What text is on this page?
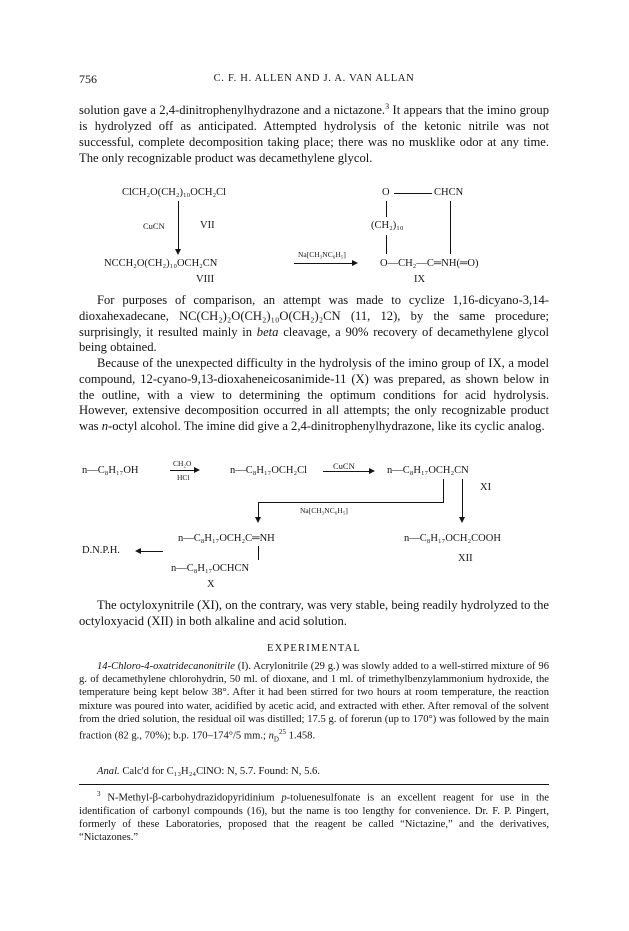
756	C. F. H. ALLEN AND J. A. VAN ALLAN

solution gave a 2,4-dinitrophenylhydrazone and a nictazone.$^3$ It appears that the imino group is hydrolyzed off as anticipated. Attempted hydrolysis of the ketonic nitrile was not successful, complete decomposition taking place; there was no musklike odor at any time. The only recognizable product was decamethylene glycol.

ClCH₂O(CH₂)₁₀OCH₂Cl
CuCN	VII
NCCH₂O(CH₂)₁₀OCH₂CN
VIII
Na[CH₃NC₆H₅]
O	CHCN
(CH₂)₁₀
O—CH₂—C═NH(═O)
IX

For purposes of comparison, an attempt was made to cyclize 1,16-dicyano-3,14-dioxahexadecane, NC(CH₂)₂O(CH₂)₁₀O(CH₂)₂CN (11, 12), by the same procedure; surprisingly, it resulted mainly in beta cleavage, a 90% recovery of decamethylene glycol being obtained.

Because of the unexpected difficulty in the hydrolysis of the imino group of IX, a model compound, 12-cyano-9,13-dioxaheneicosanimide-11 (X) was prepared, as shown below in the outline, with a view to determining the optimum conditions for acid hydrolysis. However, extensive decomposition occurred in all attempts; the only recognizable product was n-octyl alcohol. The imine did give a 2,4-dinitrophenylhydrazone, like its cyclic analog.

n—C₈H₁₇OH
CH₂O
HCl
n—C₈H₁₇OCH₂Cl	CuCN	n—C₈H₁₇OCH₂CN
XI
Na[CH₃NC₆H₅]
n—C₈H₁₇OCH₂C═NH
n—C₈H₁₇OCHCN
X
D.N.P.H.
n—C₈H₁₇OCH₂COOH
XII

The octyloxynitrile (XI), on the contrary, was very stable, being readily hydrolyzed to the octyloxyacid (XII) in both alkaline and acid solution.

EXPERIMENTAL

14-Chloro-4-oxatridecanonitrile (I). Acrylonitrile (29 g.) was slowly added to a well-stirred mixture of 96 g. of decamethylene chlorohydrin, 50 ml. of dioxane, and 1 ml. of trimethylbenzylammonium hydroxide, the temperature being kept below 38°. After it had been stirred for two hours at room temperature, the reaction mixture was poured into water, acidified by acetic acid, and extracted with ether. After removal of the solvent from the dried solution, the residual oil was distilled; 17.5 g. of forerun (up to 170°) was followed by the main fraction (82 g., 70%); b.p. 170–174°/5 mm.; $n_D^{25}$ 1.458.

Anal. Calc'd for C₁₃H₂₄ClNO: N, 5.7. Found: N, 5.6.

$^3$ N-Methyl-β-carbohydrazidopyridinium p-toluenesulfonate is an excellent reagent for use in the identification of carbonyl compounds (16), but the name is too lengthy for convenience. Dr. F. P. Pingert, formerly of these Laboratories, proposed that the reagent be called “Nictazine,” and the derivatives, “Nictazones.”
